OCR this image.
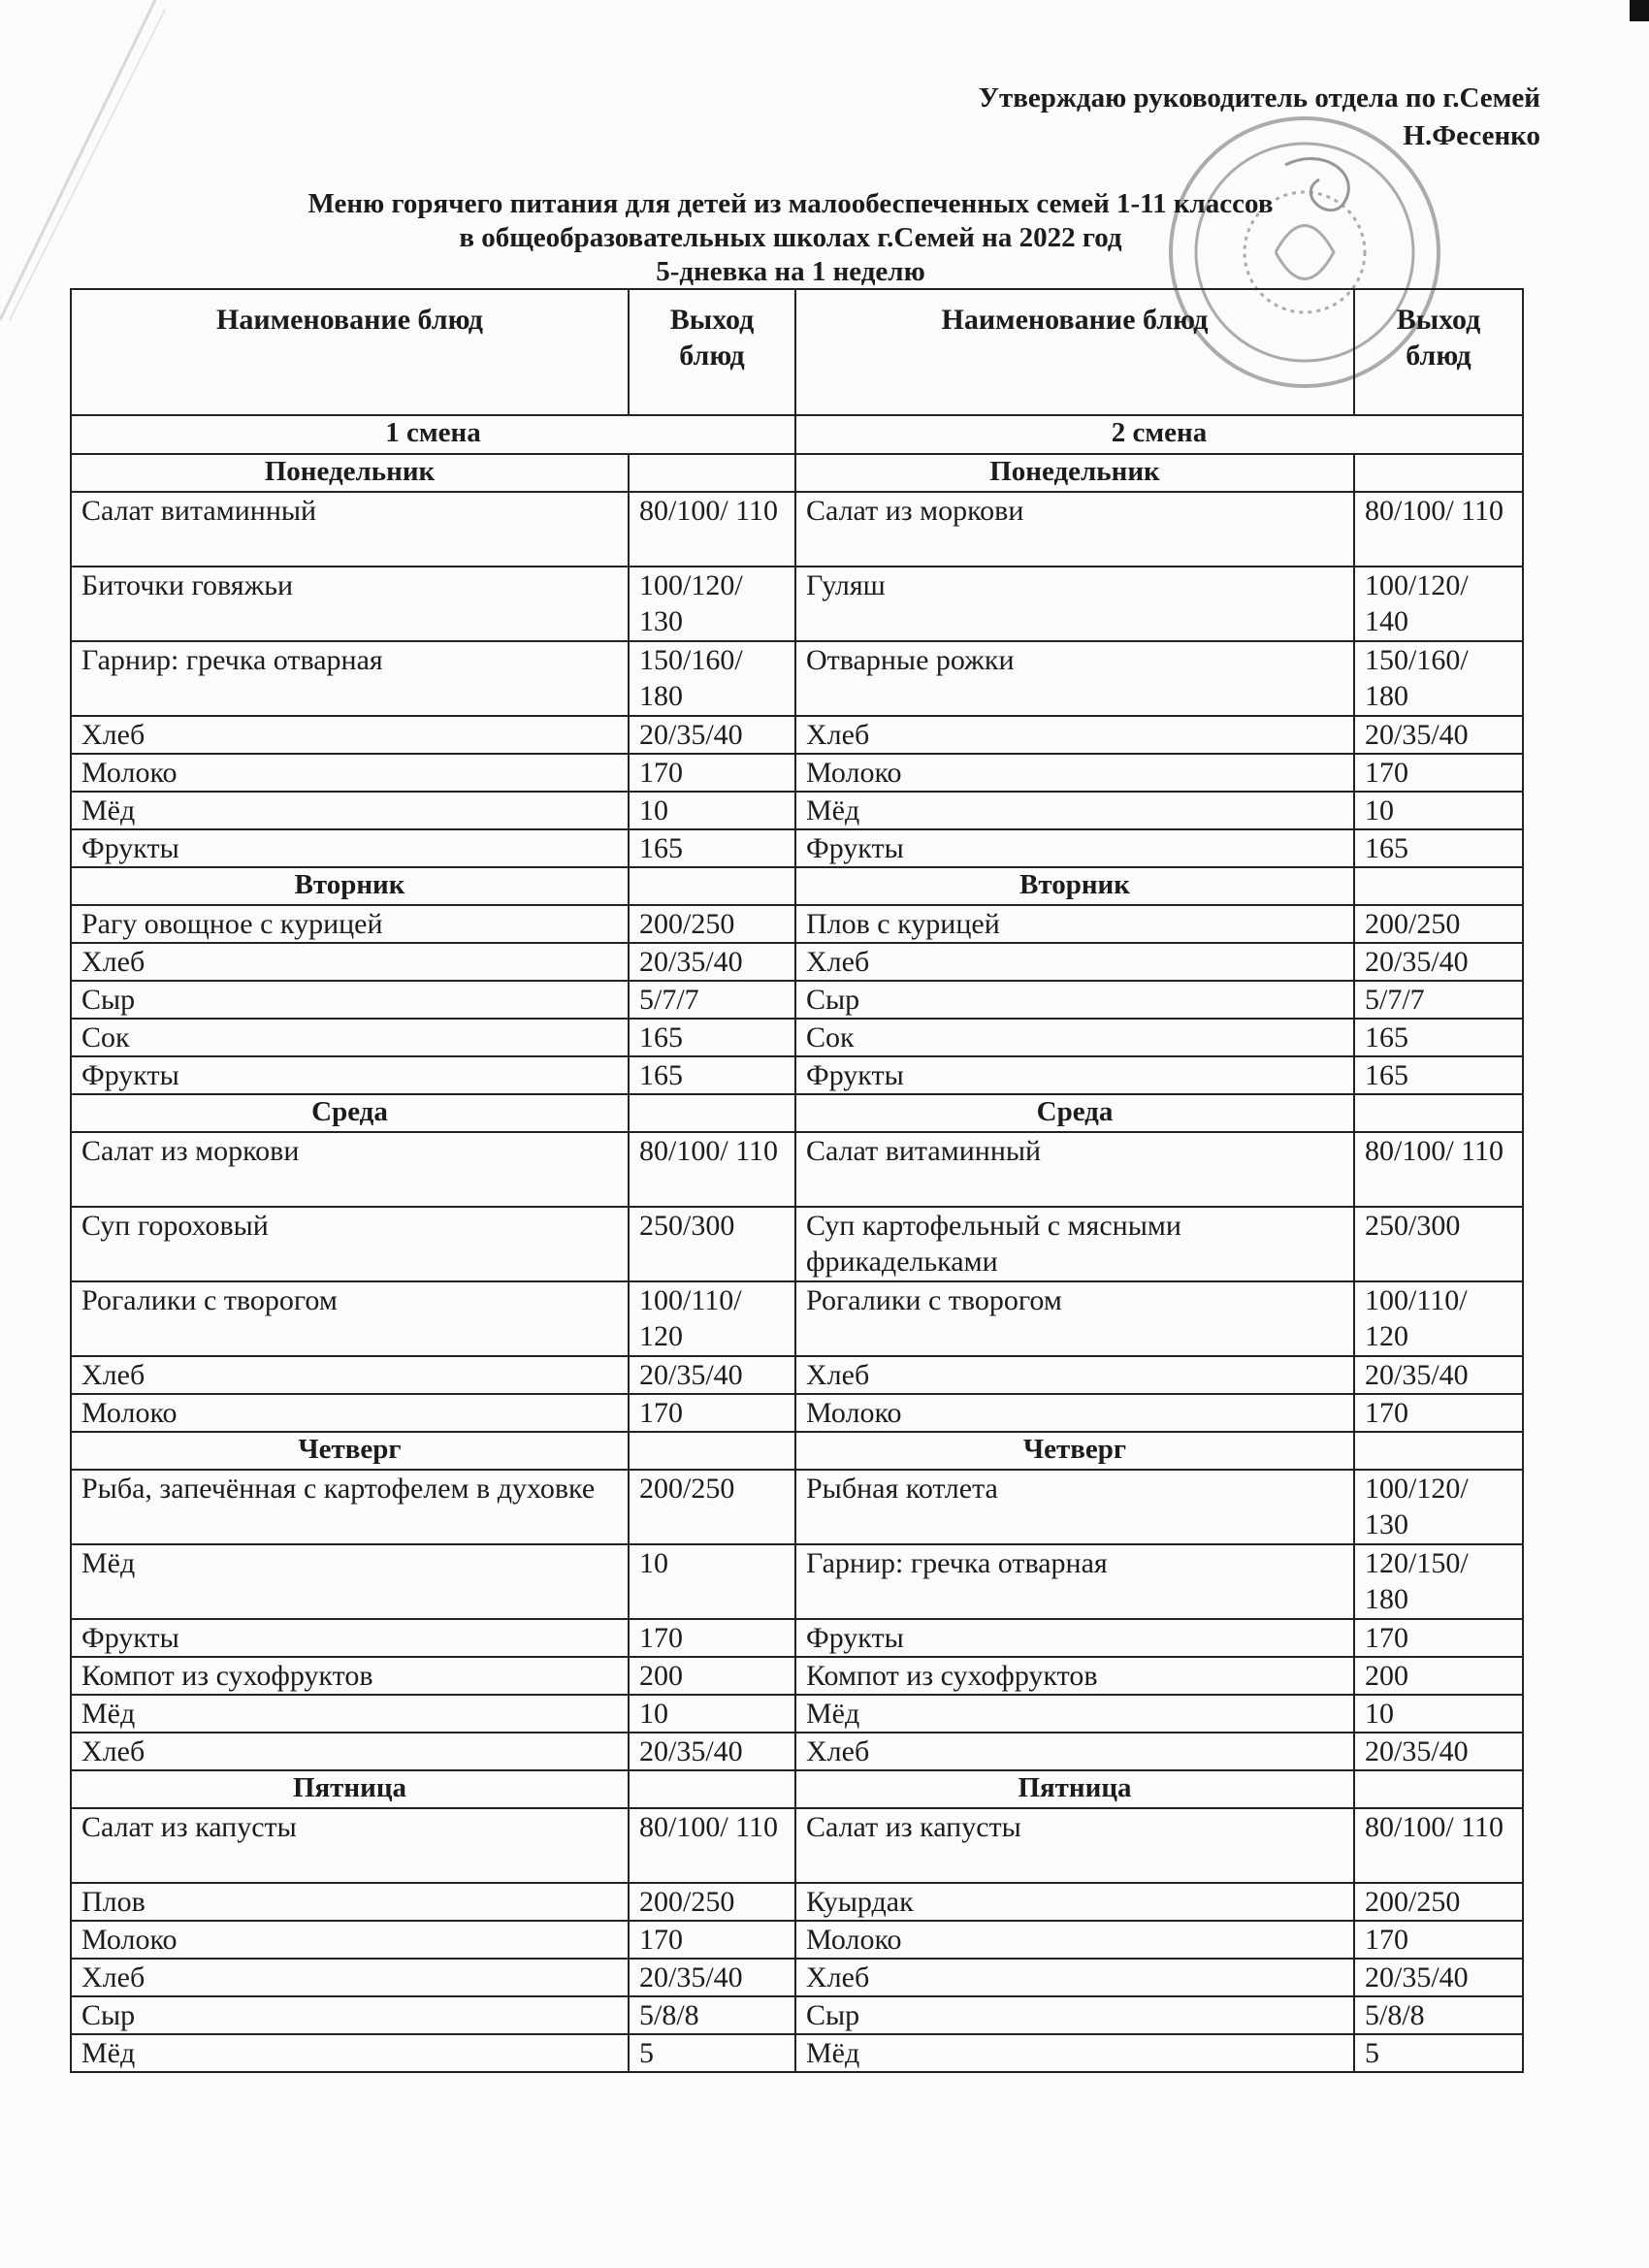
Утверждаю руководитель отдела по г.Семей
Н.Фесенко
Меню горячего питания для детей из малообеспеченных семей 1-11 классов
в общеобразовательных школах г.Семей на 2022 год
5-дневка на 1 неделю
Наименование блюд	Выход блюд	Наименование блюд	Выход блюд
1 смена		2 смена	
Понедельник		Понедельник	
Салат витаминный	80/100/ 110	Салат из моркови	80/100/ 110
Биточки говяжьи	100/120/ 130	Гуляш	100/120/ 140
Гарнир: гречка отварная	150/160/ 180	Отварные рожки	150/160/ 180
Хлеб	20/35/40	Хлеб	20/35/40
Молоко	170	Молоко	170
Мёд	10	Мёд	10
Фрукты	165	Фрукты	165
Вторник		Вторник	
Рагу овощное с курицей	200/250	Плов с курицей	200/250
Хлеб	20/35/40	Хлеб	20/35/40
Сыр	5/7/7	Сыр	5/7/7
Сок	165	Сок	165
Фрукты	165	Фрукты	165
Среда		Среда	
Салат из моркови	80/100/ 110	Салат витаминный	80/100/ 110
Суп гороховый	250/300	Суп картофельный с мясными фрикадельками	250/300
Рогалики с творогом	100/110/ 120	Рогалики с творогом	100/110/ 120
Хлеб	20/35/40	Хлеб	20/35/40
Молоко	170	Молоко	170
Четверг		Четверг	
Рыба, запечённая с картофелем в духовке	200/250	Рыбная котлета	100/120/ 130
Мёд	10	Гарнир: гречка отварная	120/150/ 180
Фрукты	170	Фрукты	170
Компот из сухофруктов	200	Компот из сухофруктов	200
Мёд	10	Мёд	10
Хлеб	20/35/40	Хлеб	20/35/40
Пятница		Пятница	
Салат из капусты	80/100/ 110	Салат из капусты	80/100/ 110
Плов	200/250	Куырдак	200/250
Молоко	170	Молоко	170
Хлеб	20/35/40	Хлеб	20/35/40
Сыр	5/8/8	Сыр	5/8/8
Мёд	5	Мёд	5
